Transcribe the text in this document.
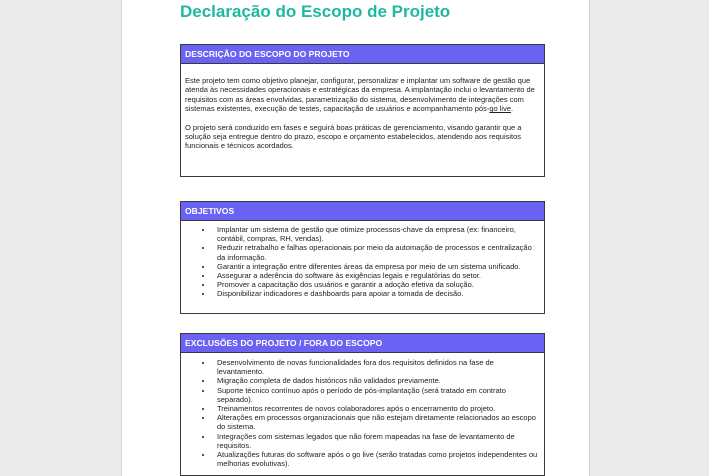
Declaração do Escopo de Projeto
DESCRIÇÃO DO ESCOPO DO PROJETO

Este projeto tem como objetivo planejar, configurar, personalizar e implantar um software de gestão que atenda às necessidades operacionais e estratégicas da empresa. A implantação inclui o levantamento de requisitos com as áreas envolvidas, parametrização do sistema, desenvolvimento de integrações com sistemas existentes, execução de testes, capacitação de usuários e acompanhamento pós-go live.

O projeto será conduzido em fases e seguirá boas práticas de gerenciamento, visando garantir que a solução seja entregue dentro do prazo, escopo e orçamento estabelecidos, atendendo aos requisitos funcionais e técnicos acordados.

OBJETIVOS
• Implantar um sistema de gestão que otimize processos-chave da empresa (ex: financeiro, contábil, compras, RH, vendas).
• Reduzir retrabalho e falhas operacionais por meio da automação de processos e centralização da informação.
• Garantir a integração entre diferentes áreas da empresa por meio de um sistema unificado.
• Assegurar a aderência do software às exigências legais e regulatórias do setor.
• Promover a capacitação dos usuários e garantir a adoção efetiva da solução.
• Disponibilizar indicadores e dashboards para apoiar a tomada de decisão.
EXCLUSÕES DO PROJETO / FORA DO ESCOPO
• Desenvolvimento de novas funcionalidades fora dos requisitos definidos na fase de levantamento.
• Migração completa de dados históricos não validados previamente.
• Suporte técnico contínuo após o período de pós-implantação (será tratado em contrato separado).
• Treinamentos recorrentes de novos colaboradores após o encerramento do projeto.
• Alterações em processos organizacionais que não estejam diretamente relacionados ao escopo do sistema.
• Integrações com sistemas legados que não forem mapeadas na fase de levantamento de requisitos.
• Atualizações futuras do software após o go live (serão tratadas como projetos independentes ou melhorias evolutivas).
